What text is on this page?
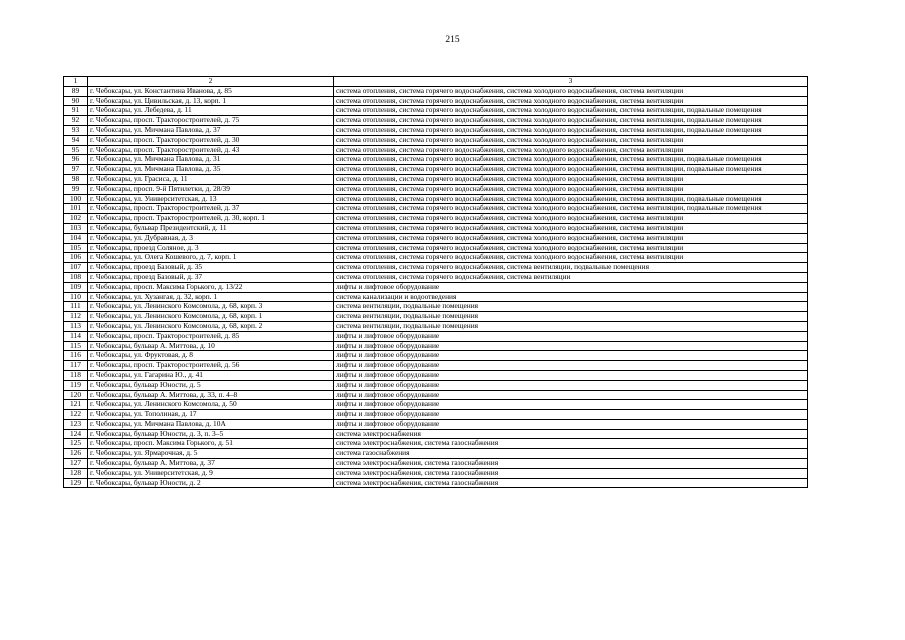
215
1	2	3
89	г. Чебоксары, ул. Константина Иванова, д. 85	система отопления, система горячего водоснабжения, система холодного водоснабжения, система вентиляции
90	г. Чебоксары, ул. Цивильская, д. 13, корп. 1	система отопления, система горячего водоснабжения, система холодного водоснабжения, система вентиляции
91	г. Чебоксары, ул. Лебедева, д. 11	система отопления, система горячего водоснабжения, система холодного водоснабжения, система вентиляции, подвальные помещения
92	г. Чебоксары, просп. Тракторостроителей, д. 75	система отопления, система горячего водоснабжения, система холодного водоснабжения, система вентиляции, подвальные помещения
93	г. Чебоксары, ул. Мичмана Павлова, д. 37	система отопления, система горячего водоснабжения, система холодного водоснабжения, система вентиляции, подвальные помещения
94	г. Чебоксары, просп. Тракторостроителей, д. 30	система отопления, система горячего водоснабжения, система холодного водоснабжения, система вентиляции
95	г. Чебоксары, просп. Тракторостроителей, д. 43	система отопления, система горячего водоснабжения, система холодного водоснабжения, система вентиляции
96	г. Чебоксары, ул. Мичмана Павлова, д. 31	система отопления, система горячего водоснабжения, система холодного водоснабжения, система вентиляции, подвальные помещения
97	г. Чебоксары, ул. Мичмана Павлова, д. 35	система отопления, система горячего водоснабжения, система холодного водоснабжения, система вентиляции, подвальные помещения
98	г. Чебоксары, ул. Грасиса, д. 11	система отопления, система горячего водоснабжения, система холодного водоснабжения, система вентиляции
99	г. Чебоксары, просп. 9-й Пятилетки, д. 28/39	система отопления, система горячего водоснабжения, система холодного водоснабжения, система вентиляции
100	г. Чебоксары, ул. Университетская, д. 13	система отопления, система горячего водоснабжения, система холодного водоснабжения, система вентиляции, подвальные помещения
101	г. Чебоксары, просп. Тракторостроителей, д. 37	система отопления, система горячего водоснабжения, система холодного водоснабжения, система вентиляции, подвальные помещения
102	г. Чебоксары, просп. Тракторостроителей, д. 30, корп. 1	система отопления, система горячего водоснабжения, система холодного водоснабжения, система вентиляции
103	г. Чебоксары, бульвар Президентский, д. 11	система отопления, система горячего водоснабжения, система холодного водоснабжения, система вентиляции
104	г. Чебоксары, ул. Дубравная, д. 3	система отопления, система горячего водоснабжения, система холодного водоснабжения, система вентиляции
105	г. Чебоксары, проезд Соляное, д. 3	система отопления, система горячего водоснабжения, система холодного водоснабжения, система вентиляции
106	г. Чебоксары, ул. Олега Кошевого, д. 7, корп. 1	система отопления, система горячего водоснабжения, система холодного водоснабжения, система вентиляции
107	г. Чебоксары, проезд Базовый, д. 35	система отопления, система горячего водоснабжения, система вентиляции, подвальные помещения
108	г. Чебоксары, проезд Базовый, д. 37	система отопления, система горячего водоснабжения, система вентиляции
109	г. Чебоксары, просп. Максима Горького, д. 13/22	лифты и лифтовое оборудование
110	г. Чебоксары, ул. Хузангая, д. 32, корп. 1	система канализации и водоотведения
111	г. Чебоксары, ул. Ленинского Комсомола, д. 68, корп. 3	система вентиляции, подвальные помещения
112	г. Чебоксары, ул. Ленинского Комсомола, д. 68, корп. 1	система вентиляции, подвальные помещения
113	г. Чебоксары, ул. Ленинского Комсомола, д. 68, корп. 2	система вентиляции, подвальные помещения
114	г. Чебоксары, просп. Тракторостроителей, д. 85	лифты и лифтовое оборудование
115	г. Чебоксары, бульвар А. Миттова, д. 10	лифты и лифтовое оборудование
116	г. Чебоксары, ул. Фруктовая, д. 8	лифты и лифтовое оборудование
117	г. Чебоксары, просп. Тракторостроителей, д. 56	лифты и лифтовое оборудование
118	г. Чебоксары, ул. Гагарина Ю., д. 41	лифты и лифтовое оборудование
119	г. Чебоксары, бульвар Юности, д. 5	лифты и лифтовое оборудование
120	г. Чебоксары, бульвар А. Миттова, д. 33, п. 4–8	лифты и лифтовое оборудование
121	г. Чебоксары, ул. Ленинского Комсомола, д. 50	лифты и лифтовое оборудование
122	г. Чебоксары, ул. Тополиная, д. 17	лифты и лифтовое оборудование
123	г. Чебоксары, ул. Мичмана Павлова, д. 10А	лифты и лифтовое оборудование
124	г. Чебоксары, бульвар Юности, д. 3, п. 3–5	система электроснабжения
125	г. Чебоксары, просп. Максима Горького, д. 51	система электроснабжения, система газоснабжения
126	г. Чебоксары, ул. Ярмарочная, д. 5	система газоснабжения
127	г. Чебоксары, бульвар А. Миттова, д. 37	система электроснабжения, система газоснабжения
128	г. Чебоксары, ул. Университетская, д. 9	система электроснабжения, система газоснабжения
129	г. Чебоксары, бульвар Юности, д. 2	система электроснабжения, система газоснабжения
